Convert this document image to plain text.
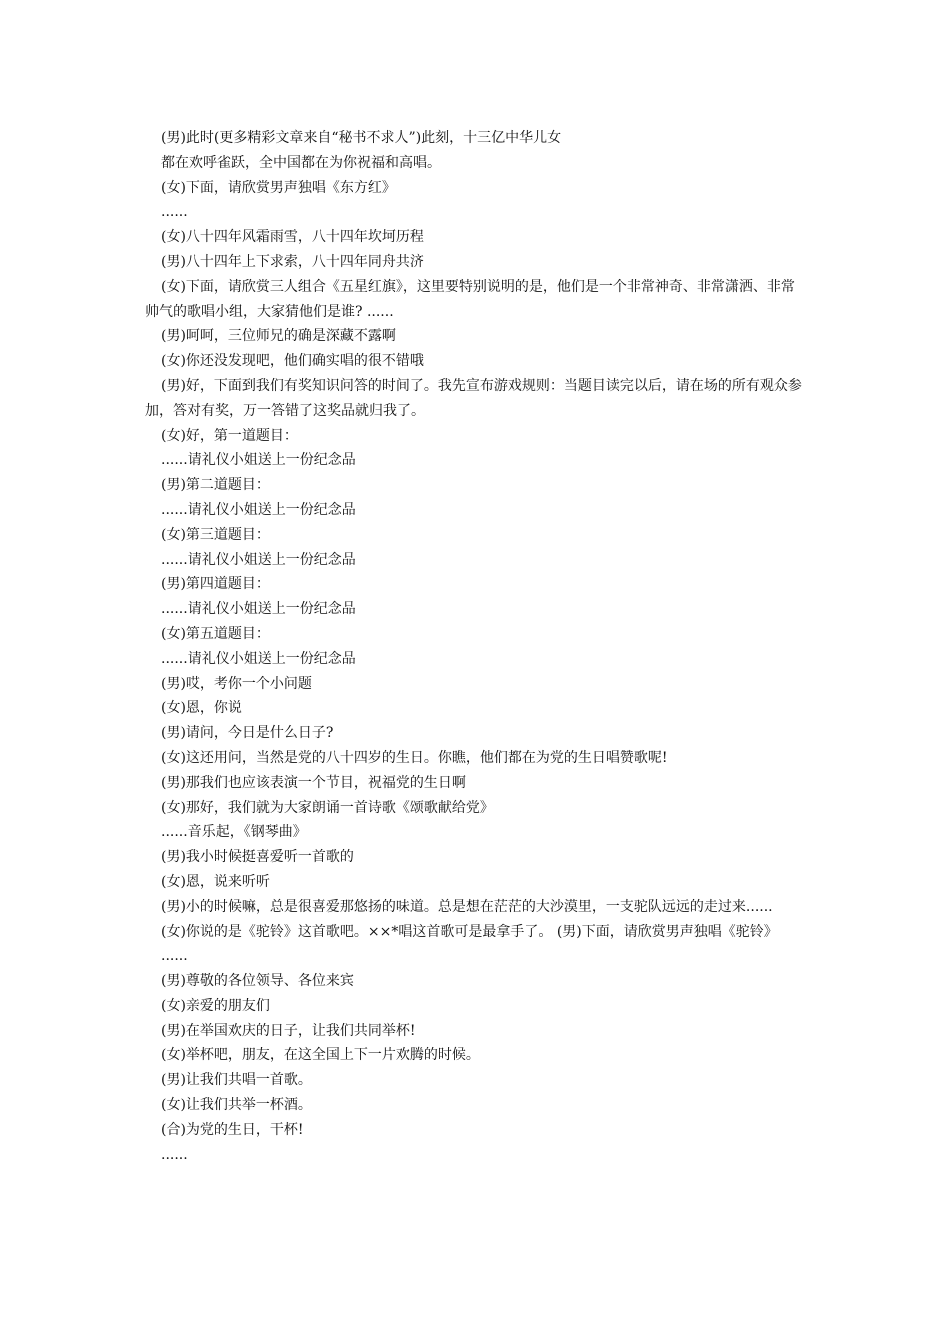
(男)此时(更多精彩文章来自“秘书不求人”)此刻，十三亿中华儿女

都在欢呼雀跃，全中国都在为你祝福和高唱。

(女)下面，请欣赏男声独唱《东方红》

......

(女)八十四年风霜雨雪，八十四年坎坷历程

(男)八十四年上下求索，八十四年同舟共济

(女)下面，请欣赏三人组合《五星红旗》，这里要特别说明的是，他们是一个非常神奇、非常潇洒、非常帅气的歌唱小组，大家猜他们是谁? ......

(男)呵呵，三位师兄的确是深藏不露啊

(女)你还没发现吧，他们确实唱的很不错哦

(男)好，下面到我们有奖知识问答的时间了。我先宣布游戏规则：当题目读完以后，请在场的所有观众参加，答对有奖，万一答错了这奖品就归我了。

(女)好，第一道题目：

......请礼仪小姐送上一份纪念品

(男)第二道题目：

......请礼仪小姐送上一份纪念品

(女)第三道题目：

......请礼仪小姐送上一份纪念品

(男)第四道题目：

......请礼仪小姐送上一份纪念品

(女)第五道题目：

......请礼仪小姐送上一份纪念品

(男)哎，考你一个小问题

(女)恩，你说

(男)请问，今日是什么日子?

(女)这还用问，当然是党的八十四岁的生日。你瞧，他们都在为党的生日唱赞歌呢!

(男)那我们也应该表演一个节目，祝福党的生日啊

(女)那好，我们就为大家朗诵一首诗歌《颂歌献给党》

......音乐起，《钢琴曲》

(男)我小时候挺喜爱听一首歌的

(女)恩，说来听听

(男)小的时候嘛，总是很喜爱那悠扬的味道。总是想在茫茫的大沙漠里，一支驼队远远的走过来......

(女)你说的是《驼铃》这首歌吧。××*唱这首歌可是最拿手了。 (男)下面，请欣赏男声独唱《驼铃》

......

(男)尊敬的各位领导、各位来宾

(女)亲爱的朋友们

(男)在举国欢庆的日子，让我们共同举杯!

(女)举杯吧，朋友，在这全国上下一片欢腾的时候。

(男)让我们共唱一首歌。

(女)让我们共举一杯酒。

(合)为党的生日，干杯!

......
